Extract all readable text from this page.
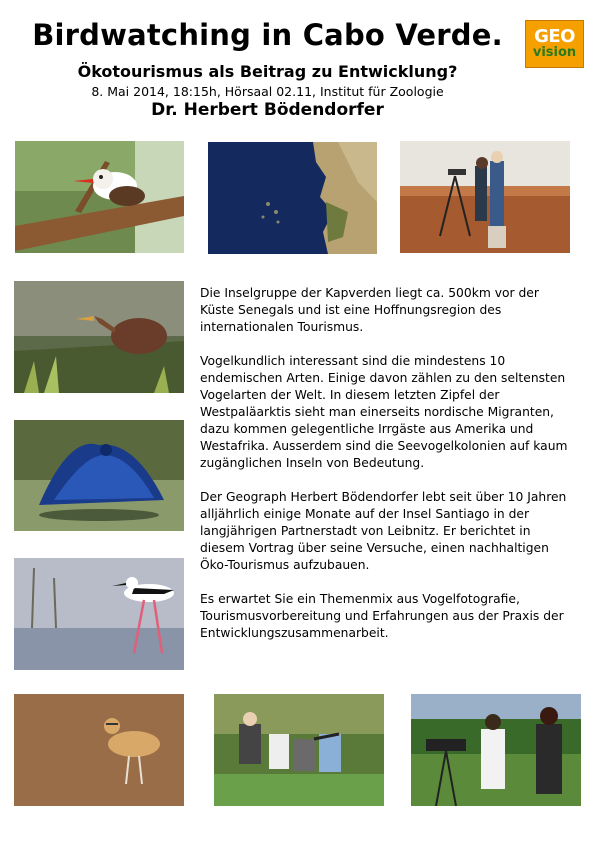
Birdwatching in Cabo Verde.
Ökotourismus als Beitrag zu Entwicklung?
8. Mai 2014, 18:15h, Hörsaal 02.11, Institut für Zoologie
Dr. Herbert Bödendorfer
GEO
vision

Die Inselgruppe der Kapverden liegt ca. 500km vor der Küste Senegals und ist eine Hoffnungsregion des internationalen Tourismus.

Vogelkundlich interessant sind die mindestens 10 endemischen Arten. Einige davon zählen zu den seltensten Vogelarten der Welt. In diesem letzten Zipfel der Westpaläarktis sieht man einerseits nordische Migranten, dazu kommen gelegentliche Irrgäste aus Amerika und Westafrika. Ausserdem sind die Seevogelkolonien auf kaum zugänglichen Inseln von Bedeutung.

Der Geograph Herbert Bödendorfer lebt seit über 10 Jahren alljährlich einige Monate auf der Insel Santiago in der langjährigen Partnerstadt von Leibnitz. Er berichtet in diesem Vortrag über seine Versuche, einen nachhaltigen Öko-Tourismus aufzubauen.

Es erwartet Sie ein Themenmix aus Vogelfotografie, Tourismusvorbereitung und Erfahrungen aus der Praxis der Entwicklungszusammenarbeit.
